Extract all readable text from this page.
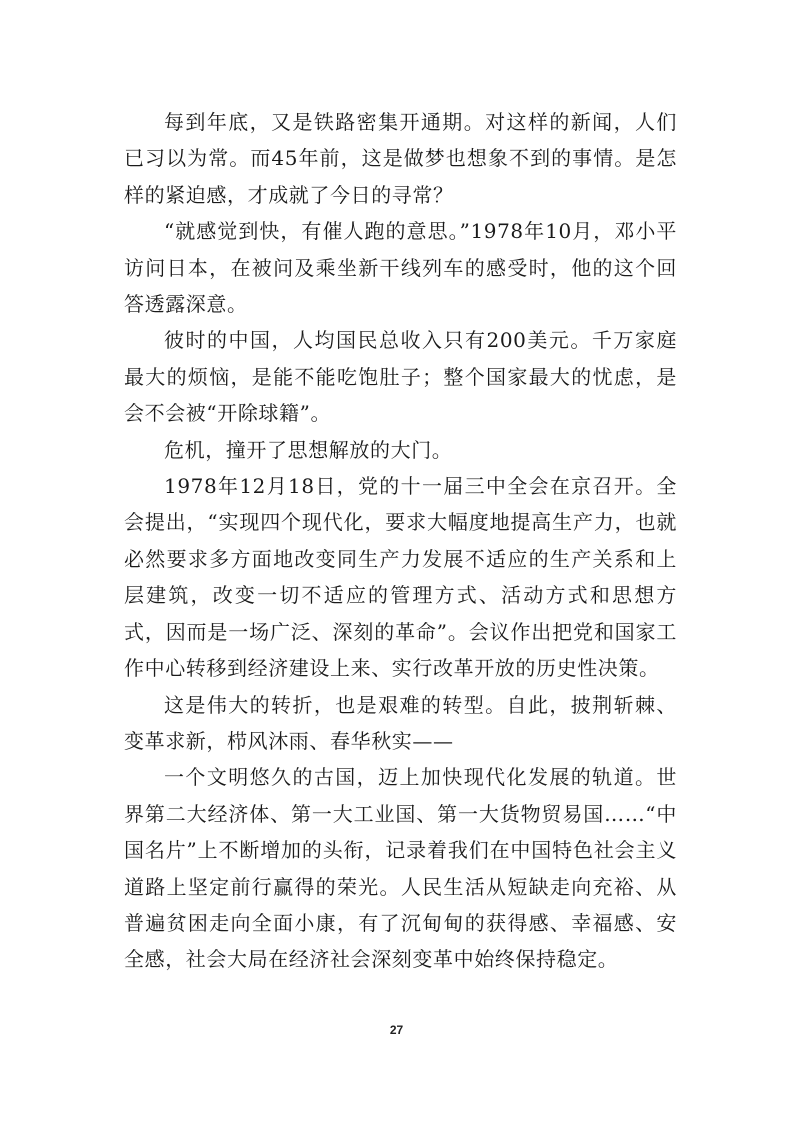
每到年底，又是铁路密集开通期。对这样的新闻，人们已习以为常。而45年前，这是做梦也想象不到的事情。是怎样的紧迫感，才成就了今日的寻常？

“就感觉到快，有催人跑的意思。”1978年10月，邓小平访问日本，在被问及乘坐新干线列车的感受时，他的这个回答透露深意。

彼时的中国，人均国民总收入只有200美元。千万家庭最大的烦恼，是能不能吃饱肚子；整个国家最大的忧虑，是会不会被“开除球籍”。

危机，撞开了思想解放的大门。

1978年12月18日，党的十一届三中全会在京召开。全会提出，“实现四个现代化，要求大幅度地提高生产力，也就必然要求多方面地改变同生产力发展不适应的生产关系和上层建筑，改变一切不适应的管理方式、活动方式和思想方式，因而是一场广泛、深刻的革命”。会议作出把党和国家工作中心转移到经济建设上来、实行改革开放的历史性决策。

这是伟大的转折，也是艰难的转型。自此，披荆斩棘、变革求新，栉风沐雨、春华秋实——

一个文明悠久的古国，迈上加快现代化发展的轨道。世界第二大经济体、第一大工业国、第一大货物贸易国……“中国名片”上不断增加的头衔，记录着我们在中国特色社会主义道路上坚定前行赢得的荣光。人民生活从短缺走向充裕、从普遍贫困走向全面小康，有了沉甸甸的获得感、幸福感、安全感，社会大局在经济社会深刻变革中始终保持稳定。

27
